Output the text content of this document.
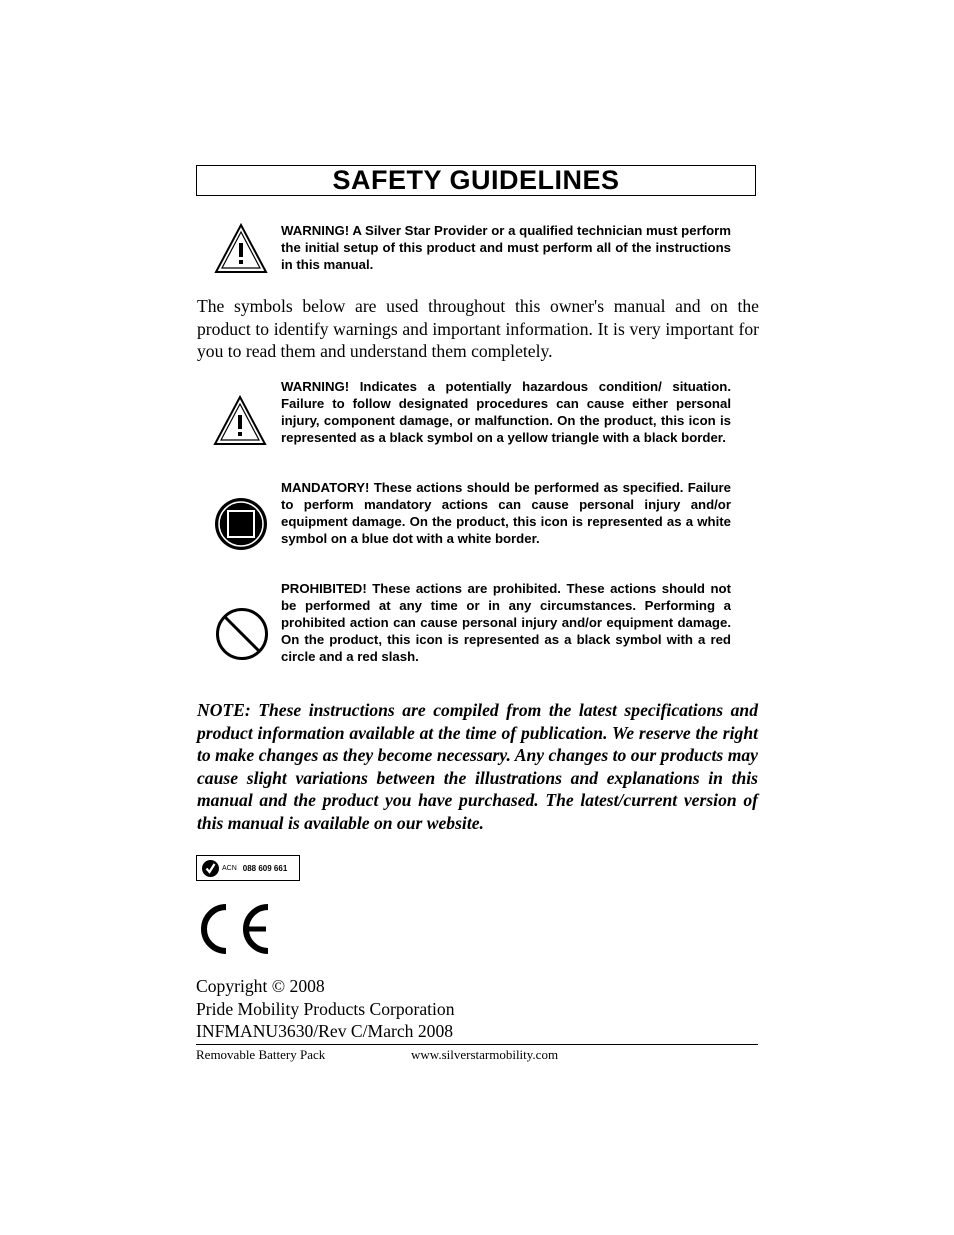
SAFETY GUIDELINES
WARNING! A Silver Star Provider or a qualified technician must perform the initial setup of this product and must perform all of the instructions in this manual.
The symbols below are used throughout this owner's manual and on the product to identify warnings and important information. It is very important for you to read them and understand them completely.
WARNING! Indicates a potentially hazardous condition/ situation. Failure to follow designated procedures can cause either personal injury, component damage, or malfunction. On the product, this icon is represented as a black symbol on a yellow triangle with a black border.
MANDATORY! These actions should be performed as specified. Failure to perform mandatory actions can cause personal injury and/or equipment damage. On the product, this icon is represented as a white symbol on a blue dot with a white border.
PROHIBITED! These actions are prohibited. These actions should not be performed at any time or in any circumstances. Performing a prohibited action can cause personal injury and/or equipment damage. On the product, this icon is represented as a black symbol with a red circle and a red slash.
NOTE: These instructions are compiled from the latest specifications and product information available at the time of publication. We reserve the right to make changes as they become necessary. Any changes to our products may cause slight variations between the illustrations and explanations in this manual and the product you have purchased. The latest/current version of this manual is available on our website.
ACN 088 609 661
Copyright © 2008
Pride Mobility Products Corporation
INFMANU3630/Rev C/March 2008
Removable Battery Pack	www.silverstarmobility.com
